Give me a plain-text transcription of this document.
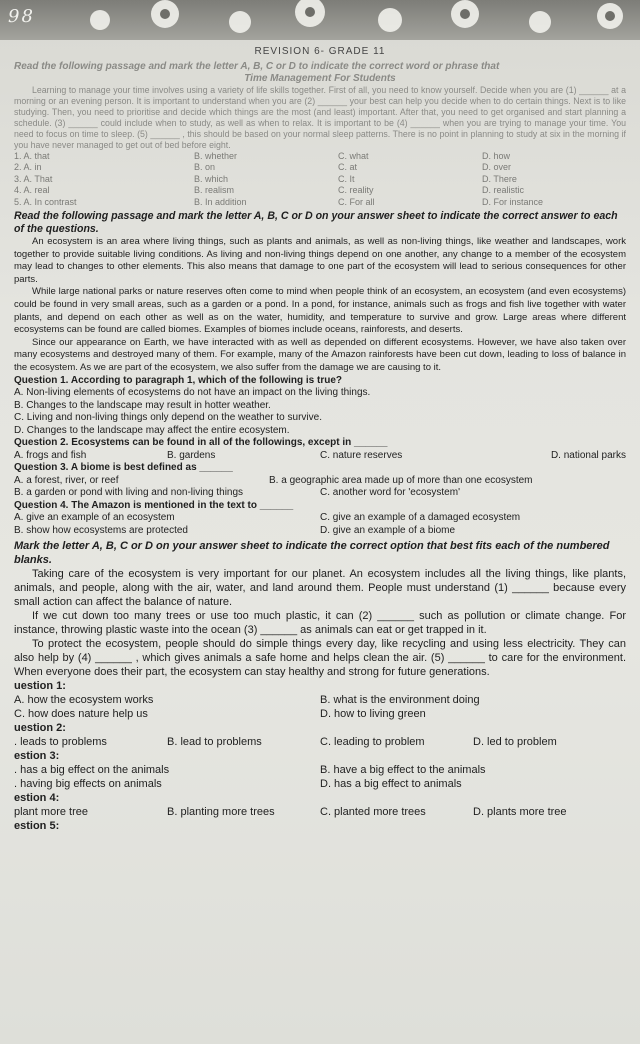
98
REVISION 6- GRADE 11
Read the following passage and mark the letter A, B, C or D to indicate the correct word or phrase that
Time Management For Students

Learning to manage your time involves using a variety of life skills together. First of all, you need to know yourself. Decide when you are (1) ______ at a morning or an evening person. It is important to understand when you are (2) ______ your best can help you decide when to do certain things. Next is to like studying. Then, you need to prioritise and decide which things are the most (and least) important. After that, you need to get organised and start planning a schedule. (3) ______ could include when to study, as well as when to relax. It is important to be (4) ______ when you are trying to manage your time. You need to focus on time to sleep. (5) ______ , this should be based on your normal sleep patterns. There is no point in planning to study at six in the morning if you have never managed to get out of bed before eight.

1. A. that	B. whether	C. what	D. how
2. A. in	B. on	C. at	D. over
3. A. That	B. which	C. It	D. There
4. A. real	B. realism	C. reality	D. realistic
5. A. In contrast	B. In addition	C. For all	D. For instance
Read the following passage and mark the letter A, B, C or D on your answer sheet to indicate the correct answer to each of the questions.

An ecosystem is an area where living things, such as plants and animals, as well as non-living things, like weather and landscapes, work together to provide suitable living conditions. As living and non-living things depend on one another, any change to a member of the ecosystem may lead to changes to other elements. This also means that damage to one part of the ecosystem will lead to serious consequences for other parts.

While large national parks or nature reserves often come to mind when people think of an ecosystem, an ecosystem (and even ecosystems) could be found in very small areas, such as a garden or a pond. In a pond, for instance, animals such as frogs and fish live together with water plants, and depend on each other as well as on the water, humidity, and temperature to survive and grow. Large areas where different ecosystems can be found are called biomes. Examples of biomes include oceans, rainforests, and deserts.

Since our appearance on Earth, we have interacted with as well as depended on different ecosystems. However, we have also taken over many ecosystems and destroyed many of them. For example, many of the Amazon rainforests have been cut down, leading to loss of balance in the ecosystem. As we are part of the ecosystem, we also suffer from the damage we are causing to it.

Question 1. According to paragraph 1, which of the following is true?
A. Non-living elements of ecosystems do not have an impact on the living things.
B. Changes to the landscape may result in hotter weather.
C. Living and non-living things only depend on the weather to survive.
D. Changes to the landscape may affect the entire ecosystem.
Question 2. Ecosystems can be found in all of the followings, except in ______
A. frogs and fish	B. gardens	C. nature reserves	D. national parks
Question 3. A biome is best defined as ______
A. a forest, river, or reef	B. a geographic area made up of more than one ecosystem
B. a garden or pond with living and non-living things	C. another word for 'ecosystem'
Question 4. The Amazon is mentioned in the text to ______
A. give an example of an ecosystem	C. give an example of a damaged ecosystem
B. show how ecosystems are protected	D. give an example of a biome
Mark the letter A, B, C or D on your answer sheet to indicate the correct option that best fits each of the numbered blanks.

Taking care of the ecosystem is very important for our planet. An ecosystem includes all the living things, like plants, animals, and people, along with the air, water, and land around them. People must understand (1) ______ because every small action can affect the balance of nature.

If we cut down too many trees or use too much plastic, it can (2) ______ such as pollution or climate change. For instance, throwing plastic waste into the ocean (3) ______ as animals can eat or get trapped in it.

To protect the ecosystem, people should do simple things every day, like recycling and using less electricity. They can also help by (4) ______ , which gives animals a safe home and helps clean the air. (5) ______ to care for the environment. When everyone does their part, the ecosystem can stay healthy and strong for future generations.

uestion 1:
A. how the ecosystem works	B. what is the environment doing
C. how does nature help us	D. how to living green
uestion 2:
. leads to problems	B. lead to problems	C. leading to problem	D. led to problem
estion 3:
. has a big effect on the animals	B. have a big effect to the animals
. having big effects on animals	D. has a big effect to animals
estion 4:
plant more tree	B. planting more trees	C. planted more trees	D. plants more tree
estion 5:
